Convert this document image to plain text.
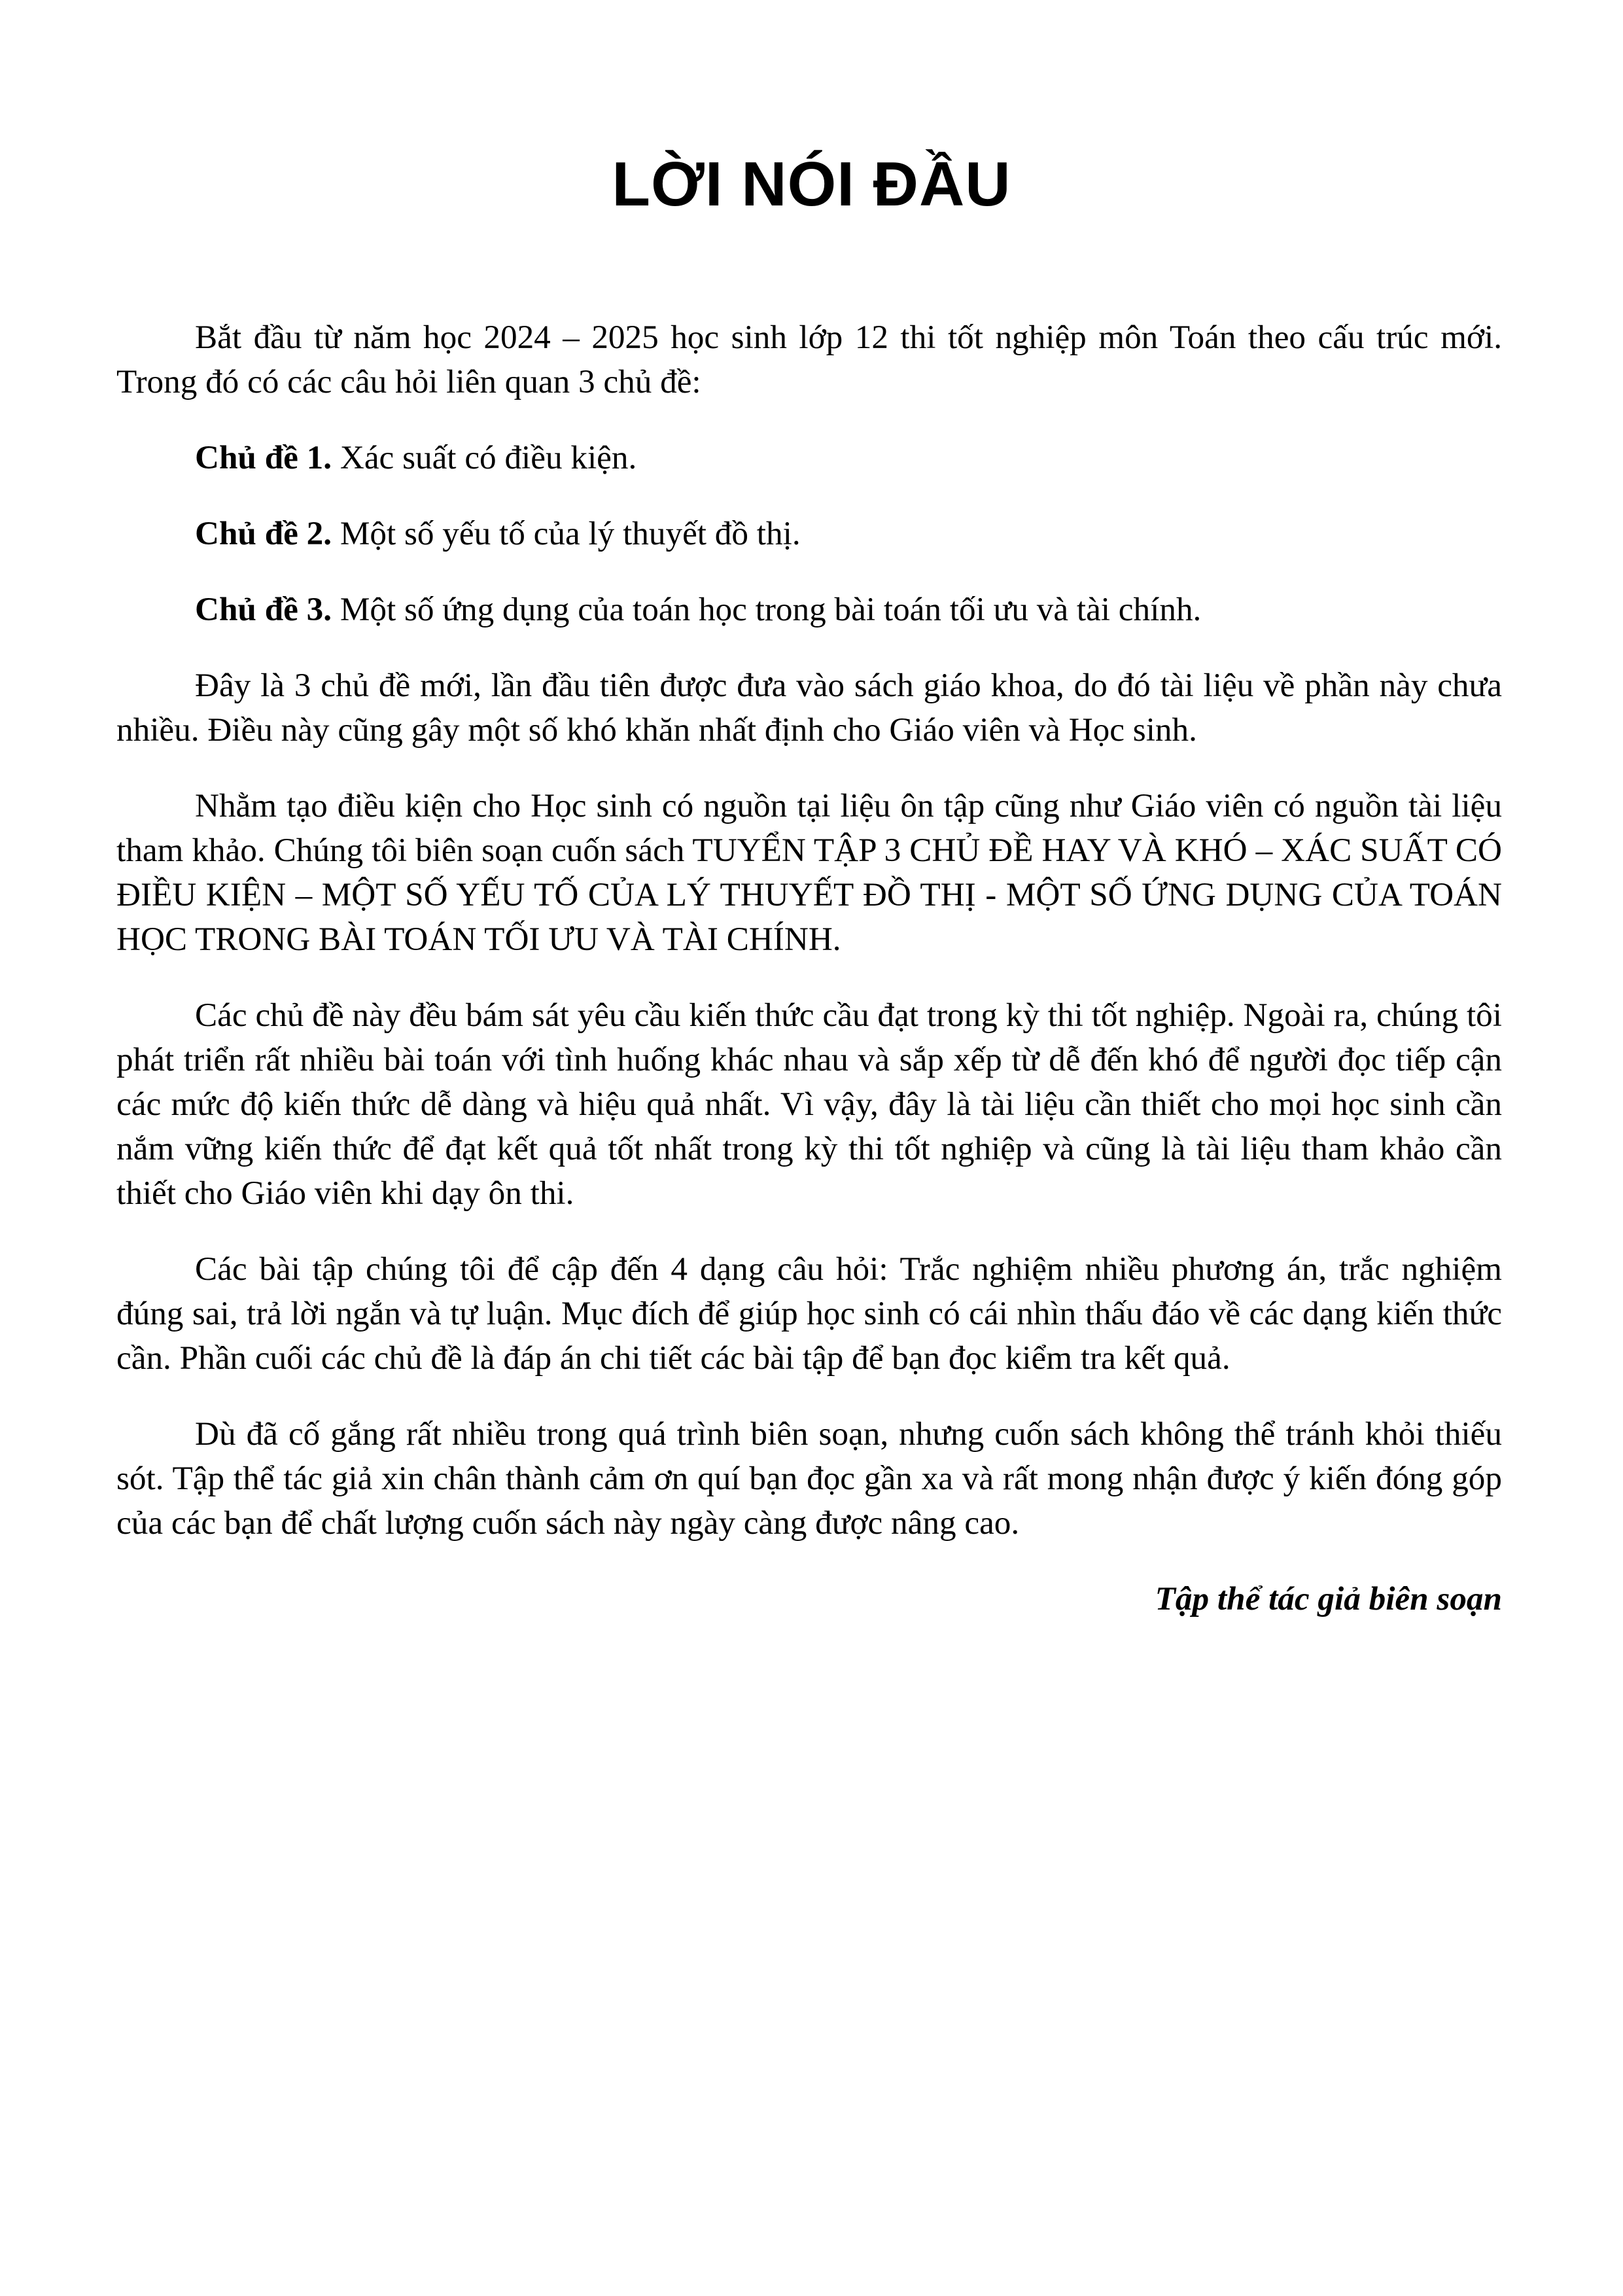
LỜI NÓI ĐẦU

Bắt đầu từ năm học 2024 – 2025 học sinh lớp 12 thi tốt nghiệp môn Toán theo cấu trúc mới. Trong đó có các câu hỏi liên quan 3 chủ đề:

Chủ đề 1. Xác suất có điều kiện.

Chủ đề 2. Một số yếu tố của lý thuyết đồ thị.

Chủ đề 3. Một số ứng dụng của toán học trong bài toán tối ưu và tài chính.

Đây là 3 chủ đề mới, lần đầu tiên được đưa vào sách giáo khoa, do đó tài liệu về phần này chưa nhiều. Điều này cũng gây một số khó khăn nhất định cho Giáo viên và Học sinh.

Nhằm tạo điều kiện cho Học sinh có nguồn tại liệu ôn tập cũng như Giáo viên có nguồn tài liệu tham khảo. Chúng tôi biên soạn cuốn sách TUYỂN TẬP 3 CHỦ ĐỀ HAY VÀ KHÓ – XÁC SUẤT CÓ ĐIỀU KIỆN – MỘT SỐ YẾU TỐ CỦA LÝ THUYẾT ĐỒ THỊ - MỘT SỐ ỨNG DỤNG CỦA TOÁN HỌC TRONG BÀI TOÁN TỐI ƯU VÀ TÀI CHÍNH.

Các chủ đề này đều bám sát yêu cầu kiến thức cầu đạt trong kỳ thi tốt nghiệp. Ngoài ra, chúng tôi phát triển rất nhiều bài toán với tình huống khác nhau và sắp xếp từ dễ đến khó để người đọc tiếp cận các mức độ kiến thức dễ dàng và hiệu quả nhất. Vì vậy, đây là tài liệu cần thiết cho mọi học sinh cần nắm vững kiến thức để đạt kết quả tốt nhất trong kỳ thi tốt nghiệp và cũng là tài liệu tham khảo cần thiết cho Giáo viên khi dạy ôn thi.

Các bài tập chúng tôi để cập đến 4 dạng câu hỏi: Trắc nghiệm nhiều phương án, trắc nghiệm đúng sai, trả lời ngắn và tự luận. Mục đích để giúp học sinh có cái nhìn thấu đáo về các dạng kiến thức cần. Phần cuối các chủ đề là đáp án chi tiết các bài tập để bạn đọc kiểm tra kết quả.

Dù đã cố gắng rất nhiều trong quá trình biên soạn, nhưng cuốn sách không thể tránh khỏi thiếu sót. Tập thể tác giả xin chân thành cảm ơn quí bạn đọc gần xa và rất mong nhận được ý kiến đóng góp của các bạn để chất lượng cuốn sách này ngày càng được nâng cao.

Tập thể tác giả biên soạn
